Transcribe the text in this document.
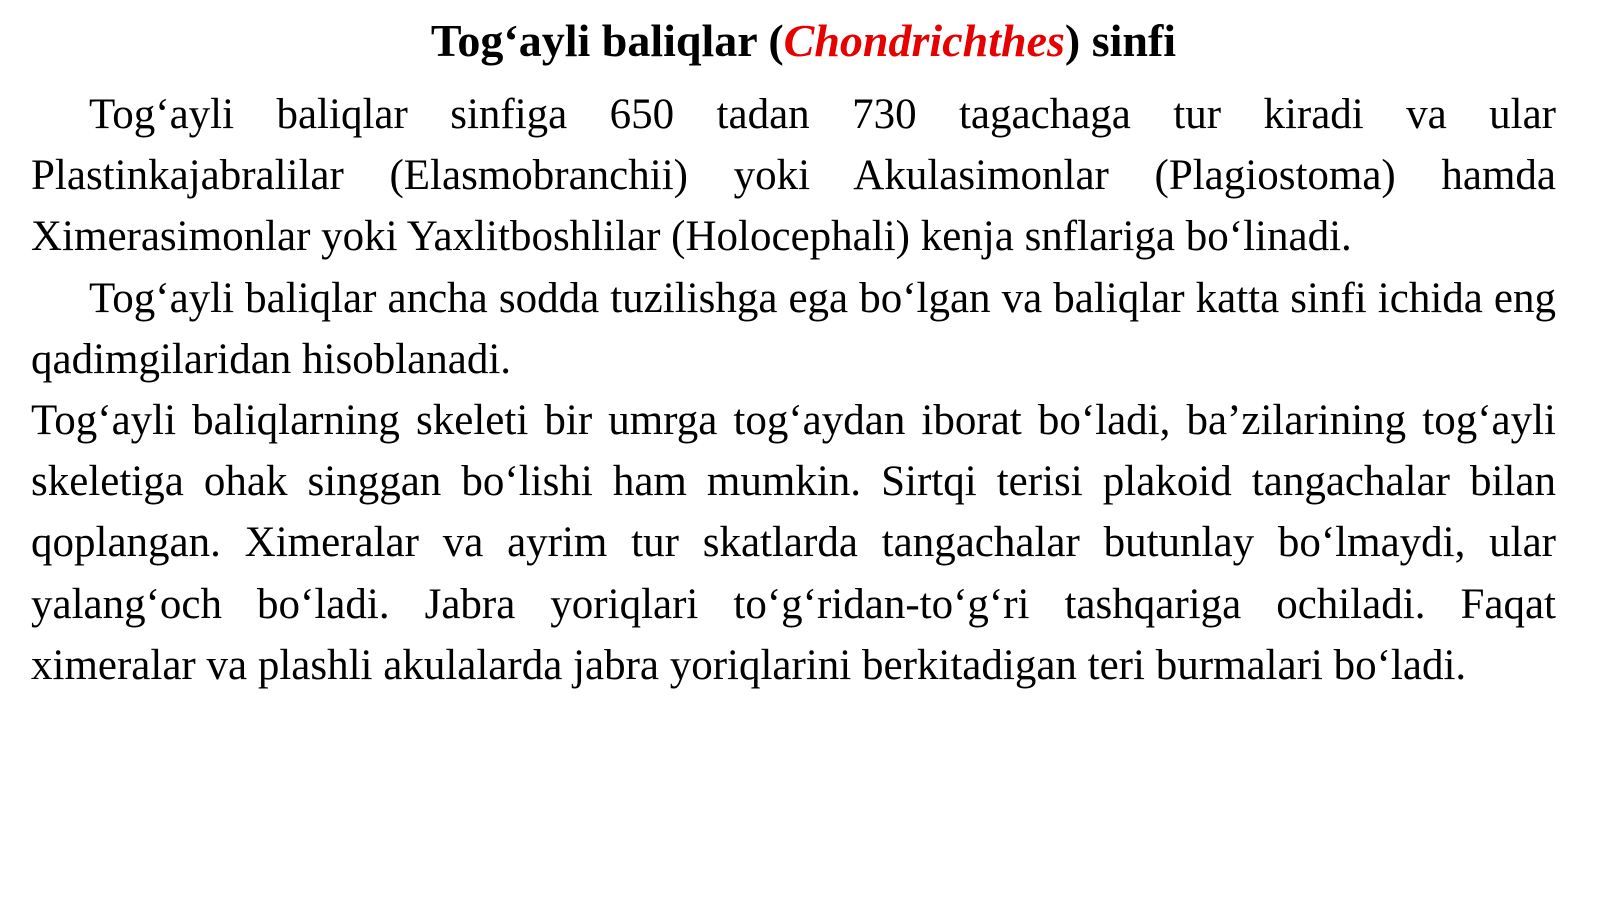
Tog‘ayli baliqlar (Chondrichthes) sinfi

Tog‘ayli baliqlar sinfiga 650 tadan 730 tagachaga tur kiradi va ular Plastinkajabralilar (Elasmobranchii) yoki Akulasimonlar (Plagiostoma) hamda Ximerasimonlar yoki Yaxlitboshlilar (Holocephali) kenja snflariga bo‘linadi.

Tog‘ayli baliqlar ancha sodda tuzilishga ega bo‘lgan va baliqlar katta sinfi ichida eng qadimgilaridan hisoblanadi.

Tog‘ayli baliqlarning skeleti bir umrga tog‘aydan iborat bo‘ladi, ba’zilarining tog‘ayli skeletiga ohak singgan bo‘lishi ham mumkin. Sirtqi terisi plakoid tangachalar bilan qoplangan. Ximeralar va ayrim tur skatlarda tangachalar butunlay bo‘lmaydi, ular yalang‘och bo‘ladi. Jabra yoriqlari to‘g‘ridan-to‘g‘ri tashqariga ochiladi. Faqat ximeralar va plashli akulalarda jabra yoriqlarini berkitadigan teri burmalari bo‘ladi.
